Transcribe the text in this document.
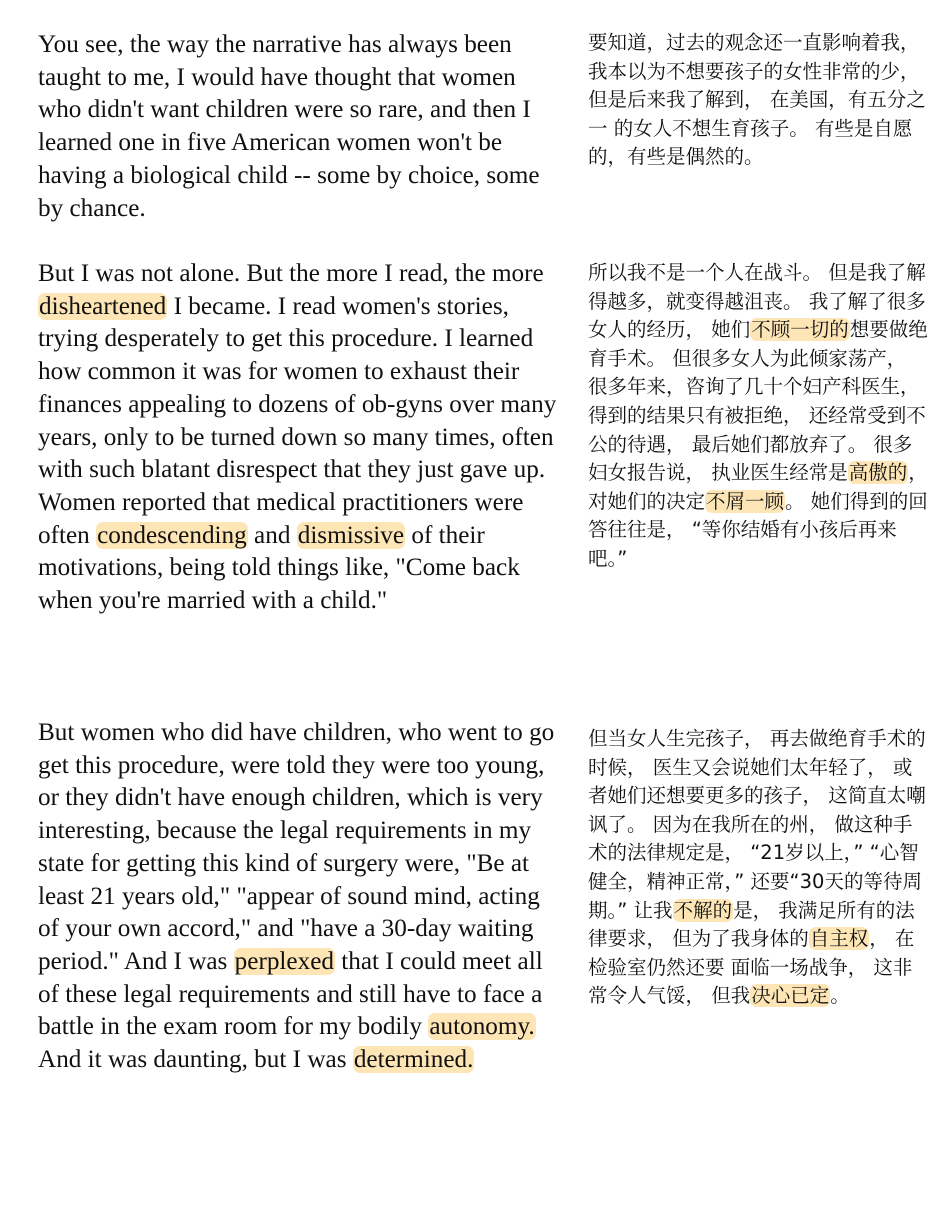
You see, the way the narrative has always been taught to me, I would have thought that women who didn't want children were so rare, and then I learned one in five American women won't be having a biological child -- some by choice, some by chance.

But I was not alone. But the more I read, the more disheartened I became. I read women's stories, trying desperately to get this procedure. I learned how common it was for women to exhaust their finances appealing to dozens of ob-gyns over many years, only to be turned down so many times, often with such blatant disrespect that they just gave up. Women reported that medical practitioners were often condescending and dismissive of their motivations, being told things like, "Come back when you're married with a child."

But women who did have children, who went to go get this procedure, were told they were too young, or they didn't have enough children, which is very interesting, because the legal requirements in my state for getting this kind of surgery were, "Be at least 21 years old," "appear of sound mind, acting of your own accord," and "have a 30-day waiting period." And I was perplexed that I could meet all of these legal requirements and still have to face a battle in the exam room for my bodily autonomy. And it was daunting, but I was determined.

要知道，过去的观念还一直影响着我， 我本以为不想要孩子的女性非常的少， 但是后来我了解到， 在美国，有五分之一 的女人不想生育孩子。 有些是自愿的，有些是偶然的。

所以我不是一个人在战斗。 但是我了解得越多，就变得越沮丧。 我了解了很多女人的经历， 她们不顾一切的想要做绝育手术。 但很多女人为此倾家荡产， 很多年来，咨询了几十个妇产科医生， 得到的结果只有被拒绝， 还经常受到不公的待遇， 最后她们都放弃了。 很多妇女报告说， 执业医生经常是高傲的，对她们的决定不屑一顾。 她们得到的回答往往是， “等你结婚有小孩后再来吧。”

但当女人生完孩子， 再去做绝育手术的时候， 医生又会说她们太年轻了， 或者她们还想要更多的孩子， 这简直太嘲讽了。 因为在我所在的州， 做这种手术的法律规定是， “21岁以上，” “心智健全，精神正常，” 还要“30天的等待周期。” 让我不解的是， 我满足所有的法律要求， 但为了我身体的自主权， 在检验室仍然还要 面临一场战争， 这非常令人气馁， 但我决心已定。
